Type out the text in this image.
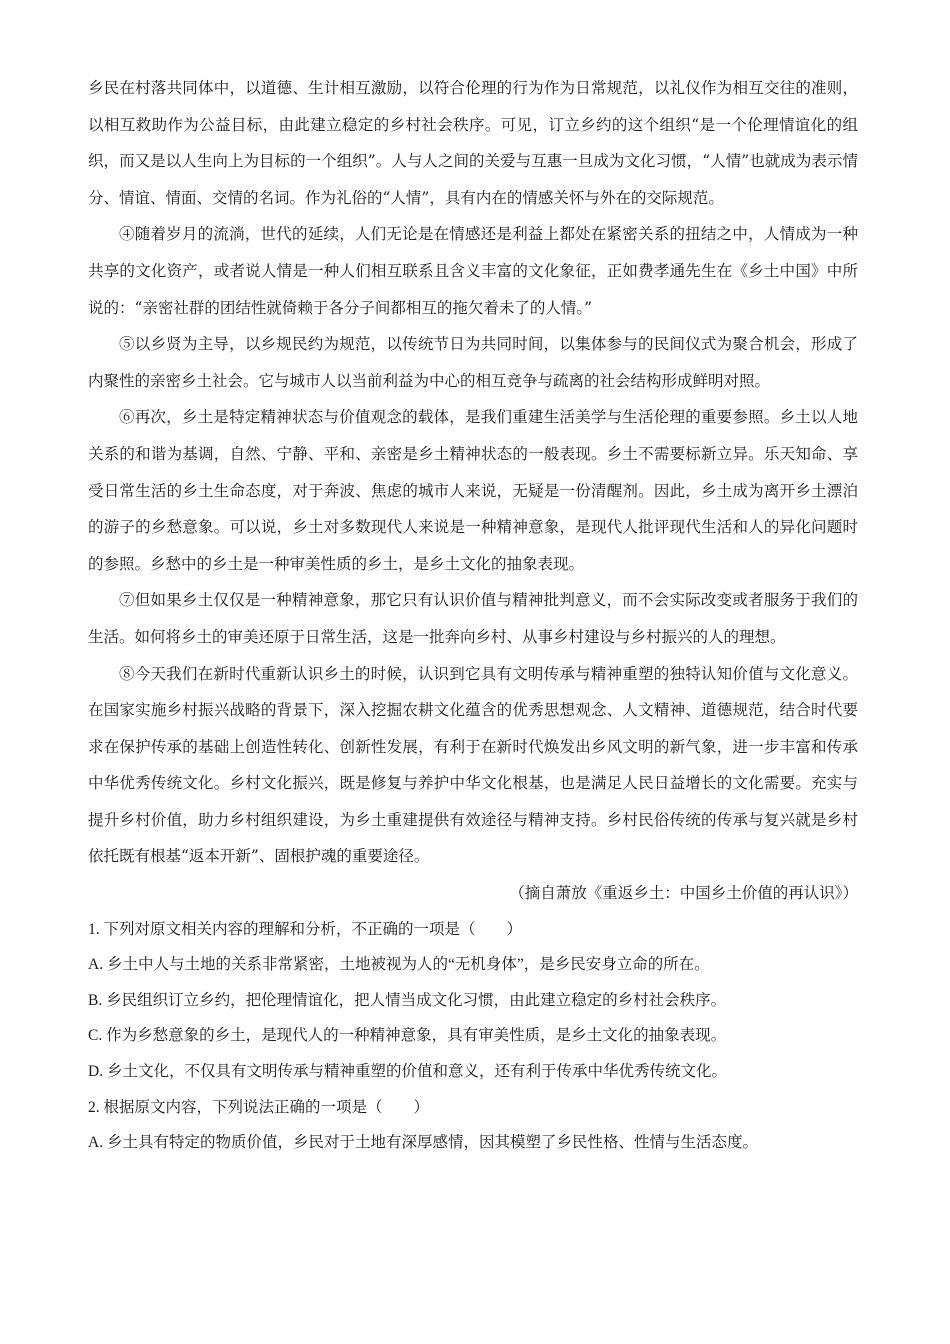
乡民在村落共同体中，以道德、生计相互激励，以符合伦理的行为作为日常规范，以礼仪作为相互交往的准则，以相互救助作为公益目标，由此建立稳定的乡村社会秩序。可见，订立乡约的这个组织“是一个伦理情谊化的组织，而又是以人生向上为目标的一个组织”。人与人之间的关爱与互惠一旦成为文化习惯，“人情”也就成为表示情分、情谊、情面、交情的名词。作为礼俗的“人情”，具有内在的情感关怀与外在的交际规范。

④随着岁月的流淌，世代的延续，人们无论是在情感还是利益上都处在紧密关系的扭结之中，人情成为一种共享的文化资产，或者说人情是一种人们相互联系且含义丰富的文化象征，正如费孝通先生在《乡土中国》中所说的：“亲密社群的团结性就倚赖于各分子间都相互的拖欠着未了的人情。”

⑤以乡贤为主导，以乡规民约为规范，以传统节日为共同时间，以集体参与的民间仪式为聚合机会，形成了内聚性的亲密乡土社会。它与城市人以当前利益为中心的相互竞争与疏离的社会结构形成鲜明对照。

⑥再次，乡土是特定精神状态与价值观念的载体，是我们重建生活美学与生活伦理的重要参照。乡土以人地关系的和谐为基调，自然、宁静、平和、亲密是乡土精神状态的一般表现。乡土不需要标新立异。乐天知命、享受日常生活的乡土生命态度，对于奔波、焦虑的城市人来说，无疑是一份清醒剂。因此，乡土成为离开乡土漂泊的游子的乡愁意象。可以说，乡土对多数现代人来说是一种精神意象，是现代人批评现代生活和人的异化问题时的参照。乡愁中的乡土是一种审美性质的乡土，是乡土文化的抽象表现。

⑦但如果乡土仅仅是一种精神意象，那它只有认识价值与精神批判意义，而不会实际改变或者服务于我们的生活。如何将乡土的审美还原于日常生活，这是一批奔向乡村、从事乡村建设与乡村振兴的人的理想。

⑧今天我们在新时代重新认识乡土的时候，认识到它具有文明传承与精神重塑的独特认知价值与文化意义。在国家实施乡村振兴战略的背景下，深入挖掘农耕文化蕴含的优秀思想观念、人文精神、道德规范，结合时代要求在保护传承的基础上创造性转化、创新性发展，有利于在新时代焕发出乡风文明的新气象，进一步丰富和传承中华优秀传统文化。乡村文化振兴，既是修复与养护中华文化根基，也是满足人民日益增长的文化需要。充实与提升乡村价值，助力乡村组织建设，为乡土重建提供有效途径与精神支持。乡村民俗传统的传承与复兴就是乡村依托既有根基“返本开新”、固根护魂的重要途径。

（摘自萧放《重返乡土：中国乡土价值的再认识》）

1. 下列对原文相关内容的理解和分析，不正确的一项是（　　）

A. 乡土中人与土地的关系非常紧密，土地被视为人的“无机身体”，是乡民安身立命的所在。

B. 乡民组织订立乡约，把伦理情谊化，把人情当成文化习惯，由此建立稳定的乡村社会秩序。

C. 作为乡愁意象的乡土，是现代人的一种精神意象，具有审美性质，是乡土文化的抽象表现。

D. 乡土文化，不仅具有文明传承与精神重塑的价值和意义，还有利于传承中华优秀传统文化。

2. 根据原文内容，下列说法正确的一项是（　　）

A. 乡土具有特定的物质价值，乡民对于土地有深厚感情，因其模塑了乡民性格、性情与生活态度。
